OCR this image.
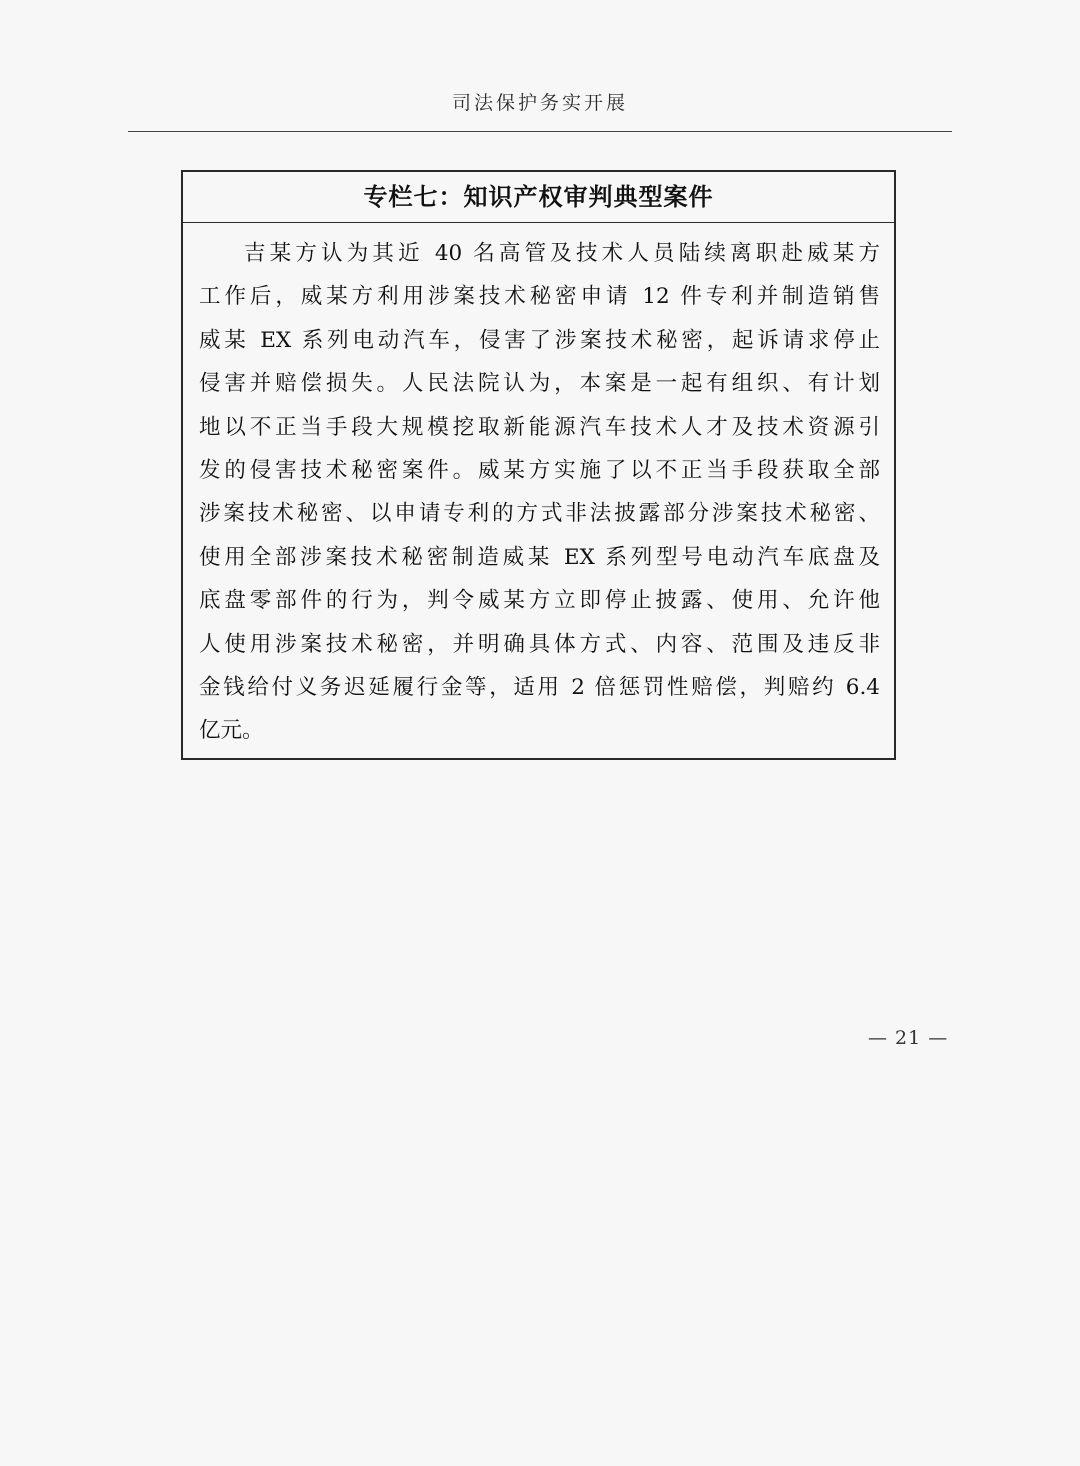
司法保护务实开展
专栏七：知识产权审判典型案件
吉某方认为其近 40 名高管及技术人员陆续离职赴威某方
工作后，威某方利用涉案技术秘密申请 12 件专利并制造销售
威某 EX 系列电动汽车，侵害了涉案技术秘密，起诉请求停止
侵害并赔偿损失。人民法院认为，本案是一起有组织、有计划
地以不正当手段大规模挖取新能源汽车技术人才及技术资源引
发的侵害技术秘密案件。威某方实施了以不正当手段获取全部
涉案技术秘密、以申请专利的方式非法披露部分涉案技术秘密、
使用全部涉案技术秘密制造威某 EX 系列型号电动汽车底盘及
底盘零部件的行为，判令威某方立即停止披露、使用、允许他
人使用涉案技术秘密，并明确具体方式、内容、范围及违反非
金钱给付义务迟延履行金等，适用 2 倍惩罚性赔偿，判赔约 6.4
亿元。
— 21 —
